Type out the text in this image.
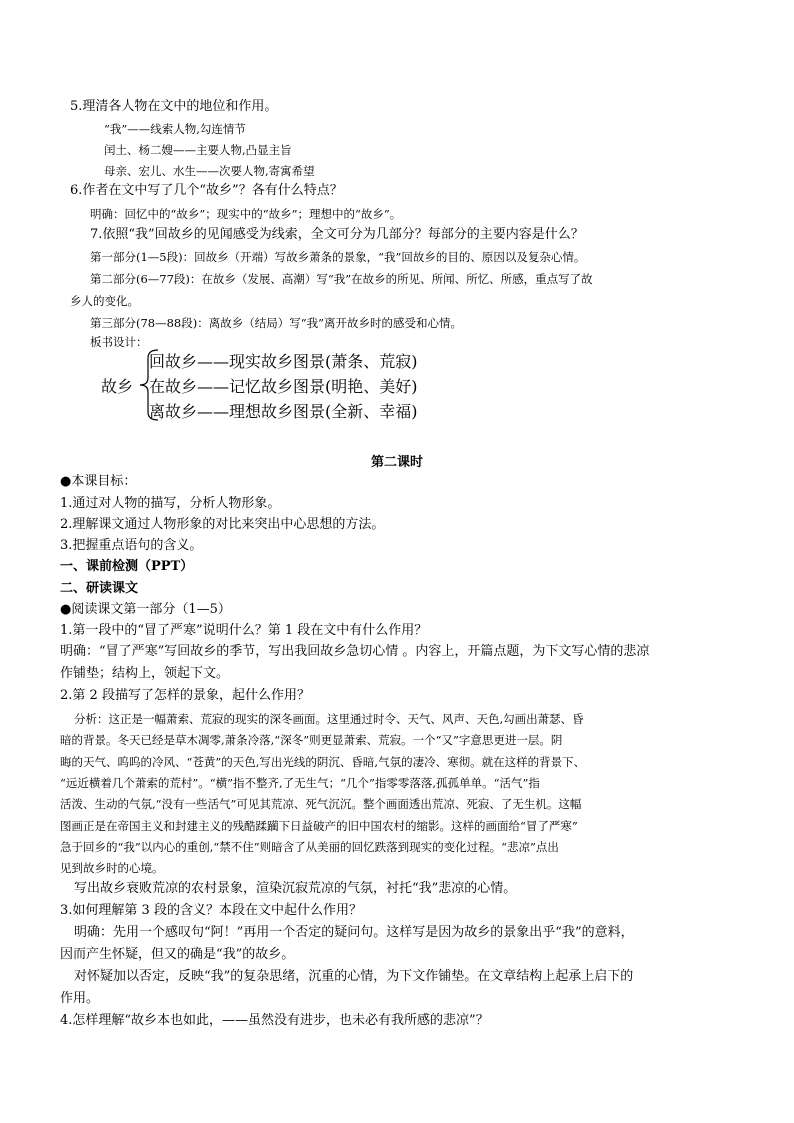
5.理清各人物在文中的地位和作用。
“我”——线索人物,勾连情节
闰土、杨二嫂——主要人物,凸显主旨
母亲、宏儿、水生——次要人物,寄寓希望
6.作者在文中写了几个“故乡”？各有什么特点？
明确：回忆中的“故乡”；现实中的“故乡”；理想中的“故乡”。
7.依照“我”回故乡的见闻感受为线索，全文可分为几部分？每部分的主要内容是什么？
第一部分(1—5段)：回故乡（开端）写故乡萧条的景象，“我”回故乡的目的、原因以及复杂心情。
第二部分(6—77段)：在故乡（发展、高潮）写“我”在故乡的所见、所闻、所忆、所感，重点写了故
乡人的变化。
第三部分(78—88段)：离故乡（结局）写“我”离开故乡时的感受和心情。
板书设计：
故乡
回故乡——现实故乡图景(萧条、荒寂)
在故乡——记忆故乡图景(明艳、美好)
离故乡——理想故乡图景(全新、幸福)
第二课时
●本课目标：
1.通过对人物的描写，分析人物形象。
2.理解课文通过人物形象的对比来突出中心思想的方法。
3.把握重点语句的含义。
一、课前检测（PPT）
二、研读课文
●阅读课文第一部分（1—5）
1.第一段中的“冒了严寒”说明什么？第 1 段在文中有什么作用？
明确：“冒了严寒”写回故乡的季节，写出我回故乡急切心情 。内容上，开篇点题，为下文写心情的悲凉
作铺垫；结构上，领起下文。
2.第 2 段描写了怎样的景象，起什么作用？
分析：这正是一幅萧索、荒寂的现实的深冬画面。这里通过时令、天气、风声、天色,勾画出萧瑟、昏
暗的背景。冬天已经是草木凋零,萧条冷落,“深冬”则更显萧索、荒寂。一个“又”字意思更进一层。阴
晦的天气、呜呜的冷风、“苍黄”的天色,写出光线的阴沉、昏暗,气氛的凄冷、寒彻。就在这样的背景下、
“远近横着几个萧索的荒村”。“横”指不整齐,了无生气；“几个”指零零落落,孤孤单单。“活气”指
活泼、生动的气氛,“没有一些活气”可见其荒凉、死气沉沉。整个画面透出荒凉、死寂、了无生机。这幅
图画正是在帝国主义和封建主义的残酷蹂躏下日益破产的旧中国农村的缩影。这样的画面给“冒了严寒”
急于回乡的“我”以内心的重创,“禁不住”则暗含了从美丽的回忆跌落到现实的变化过程。“悲凉”点出
见到故乡时的心境。
写出故乡衰败荒凉的农村景象，渲染沉寂荒凉的气氛，衬托“我”悲凉的心情。
3.如何理解第 3 段的含义？本段在文中起什么作用？
明确：先用一个感叹句“阿！”再用一个否定的疑问句。这样写是因为故乡的景象出乎“我”的意料，
因而产生怀疑，但又的确是“我”的故乡。
对怀疑加以否定，反映“我”的复杂思绪，沉重的心情，为下文作铺垫。在文章结构上起承上启下的
作用。
4.怎样理解“故乡本也如此，——虽然没有进步，也未必有我所感的悲凉”？
